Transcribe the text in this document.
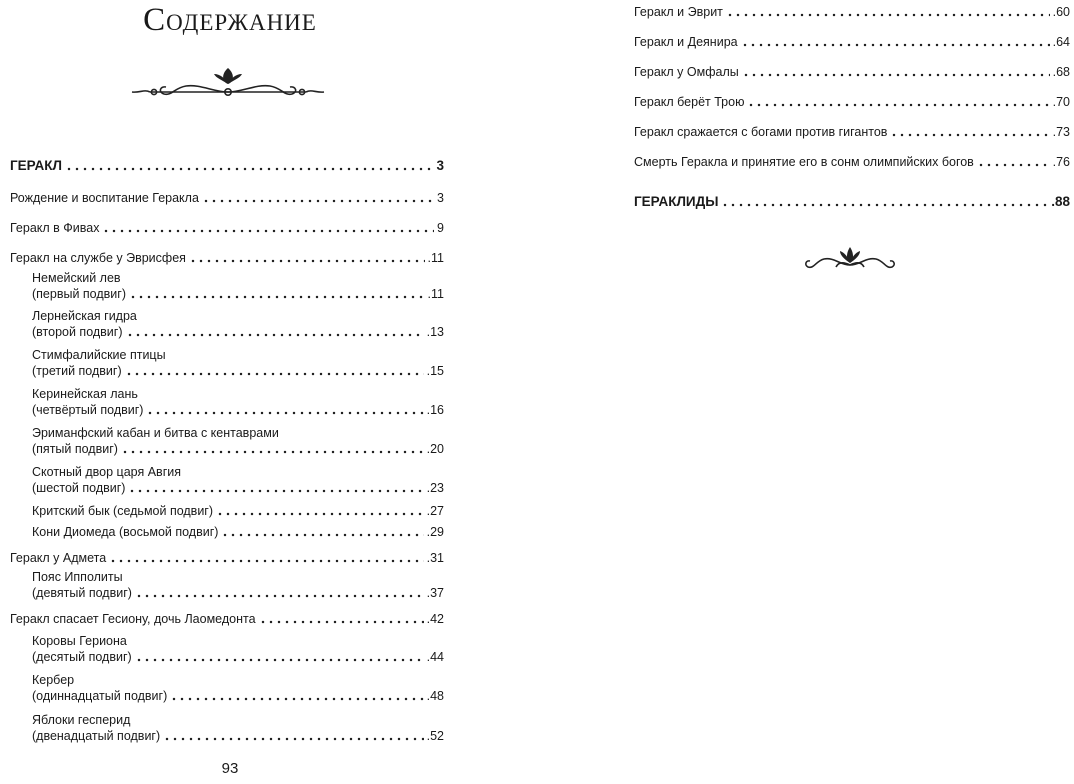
Содержание
ГЕРАКЛ	3
Рождение и воспитание Геракла	3
Геракл в Фивах	9
Геракл на службе у Эврисфея	.11
Немейский лев
(первый подвиг)	.11
Лернейская гидра
(второй подвиг)	.13
Стимфалийские птицы
(третий подвиг)	.15
Керинейская лань
(четвёртый подвиг)	.16
Эриманфский кабан и битва с кентаврами
(пятый подвиг)	.20
Скотный двор царя Авгия
(шестой подвиг)	.23
Критский бык (седьмой подвиг)	.27
Кони Диомеда (восьмой подвиг)	.29
Геракл у Адмета	.31
Пояс Ипполиты
(девятый подвиг)	.37
Геракл спасает Гесиону, дочь Лаомедонта	.42
Коровы Гериона
(десятый подвиг)	.44
Кербер
(одиннадцатый подвиг)	.48
Яблоки гесперид
(двенадцатый подвиг)	.52
93
Геракл и Эврит	.60
Геракл и Деянира	.64
Геракл у Омфалы	.68
Геракл берёт Трою	.70
Геракл сражается с богами против гигантов	.73
Смерть Геракла и принятие его в сонм олимпийских богов	.76
ГЕРАКЛИДЫ	.88
